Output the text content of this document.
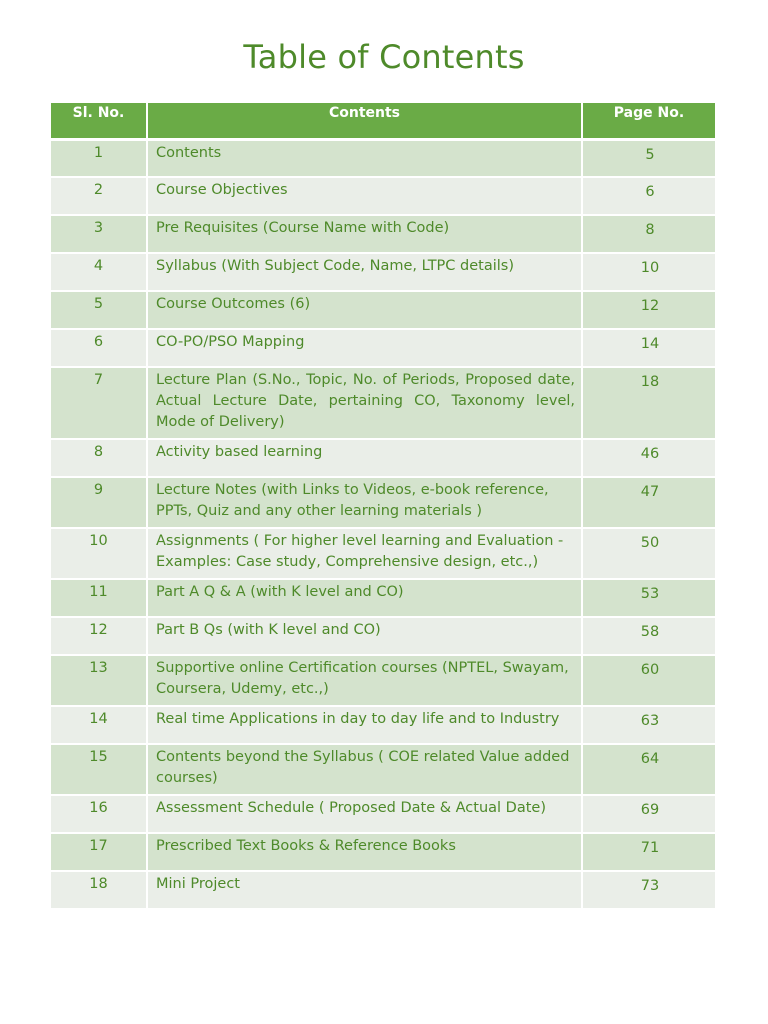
Table of Contents
Sl. No.	Contents	Page No.
1	Contents	5
2	Course Objectives	6
3	Pre Requisites (Course Name with Code)	8
4	Syllabus (With Subject Code, Name, LTPC details)	10
5	Course Outcomes (6)	12
6	CO-PO/PSO Mapping	14
7	Lecture Plan (S.No., Topic, No. of Periods, Proposed date, Actual Lecture Date, pertaining CO, Taxonomy level, Mode of Delivery)	18
8	Activity based learning	46
9	Lecture Notes (with Links to Videos, e-book reference, PPTs, Quiz and any other learning materials )	47
10	Assignments ( For higher level learning and Evaluation - Examples: Case study, Comprehensive design, etc.,)	50
11	Part A Q & A (with K level and CO)	53
12	Part B Qs (with K level and CO)	58
13	Supportive online Certification courses (NPTEL, Swayam, Coursera, Udemy, etc.,)	60
14	Real time Applications in day to day life and to Industry	63
15	Contents beyond the Syllabus ( COE related Value added courses)	64
16	Assessment Schedule ( Proposed Date & Actual Date)	69
17	Prescribed Text Books & Reference Books	71
18	Mini Project	73
